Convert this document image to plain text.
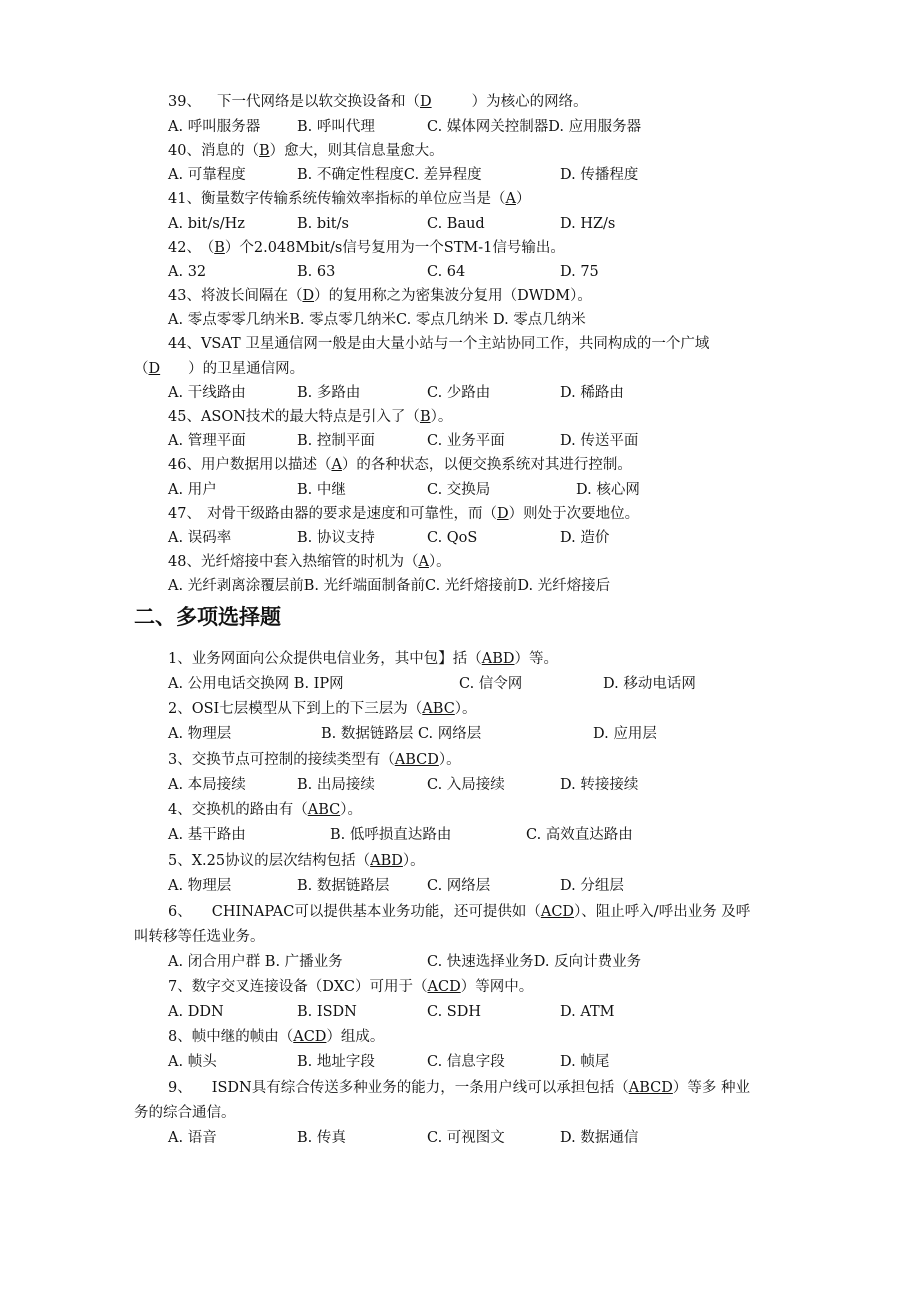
39、 下一代网络是以软交换设备和（D	）为核心的网络。
A. 呼叫服务器	B. 呼叫代理	C. 媒体网关控制器D. 应用服务器
40、消息的（B）愈大，则其信息量愈大。
A. 可靠程度	B. 不确定性程度C. 差异程度	D. 传播程度
41、衡量数字传输系统传输效率指标的单位应当是（A）
A. bit/s/Hz	B. bit/s	C. Baud	D. HZ/s
42、 （B）个2.048Mbit/s信号复用为一个STM-1信号输出。
A. 32	B. 63	C. 64	D. 75
43、将波长间隔在（D）的复用称之为密集波分复用（DWDM）。
A. 零点零零几纳米B. 零点零几纳米C. 零点几纳米 D. 零点几纳米
44、VSAT 卫星通信网一般是由大量小站与一个主站协同工作，共同构成的一个广域
（D ）的卫星通信网。
A. 干线路由	B. 多路由	C. 少路由	D. 稀路由
45、ASON技术的最大特点是引入了（B）。
A. 管理平面	B. 控制平面	C. 业务平面	D. 传送平面
46、用户数据用以描述（A）的各种状态，以便交换系统对其进行控制。
A. 用户	B. 中继	C. 交换局	D. 核心网
47、 对骨干级路由器的要求是速度和可靠性，而（D）则处于次要地位。
A. 误码率	B. 协议支持	C. QoS	D. 造价
48、光纤熔接中套入热缩管的时机为（A）。
A. 光纤剥离涂覆层前B. 光纤端面制备前C. 光纤熔接前D. 光纤熔接后
二、多项选择题
1、业务网面向公众提供电信业务，其中包】括（ABD）等。
A. 公用电话交换网 B. IP网	C. 信令网	D. 移动电话网
2、OSI七层模型从下到上的下三层为（ABC）。
A. 物理层	B. 数据链路层 C. 网络层	D. 应用层
3、交换节点可控制的接续类型有（ABCD）。
A. 本局接续	B. 出局接续	C. 入局接续	D. 转接接续
4、交换机的路由有（ABC）。
A. 基干路由	B. 低呼损直达路由	C. 高效直达路由
5、X.25协议的层次结构包括（ABD）。
A. 物理层	B. 数据链路层	C. 网络层	D. 分组层
6、 CHINAPAC可以提供基本业务功能，还可提供如（ACD）、阻止呼入/呼出业务 及呼
叫转移等任选业务。
A. 闭合用户群 B. 广播业务	C. 快速选择业务D. 反向计费业务
7、数字交叉连接设备（DXC）可用于（ACD）等网中。
A. DDN	B. ISDN	C. SDH	D. ATM
8、帧中继的帧由（ACD）组成。
A. 帧头	B. 地址字段	C. 信息字段	D. 帧尾
9、 ISDN具有综合传送多种业务的能力，一条用户线可以承担包括（ABCD）等多 种业
务的综合通信。
A. 语音	B. 传真	C. 可视图文	D. 数据通信
